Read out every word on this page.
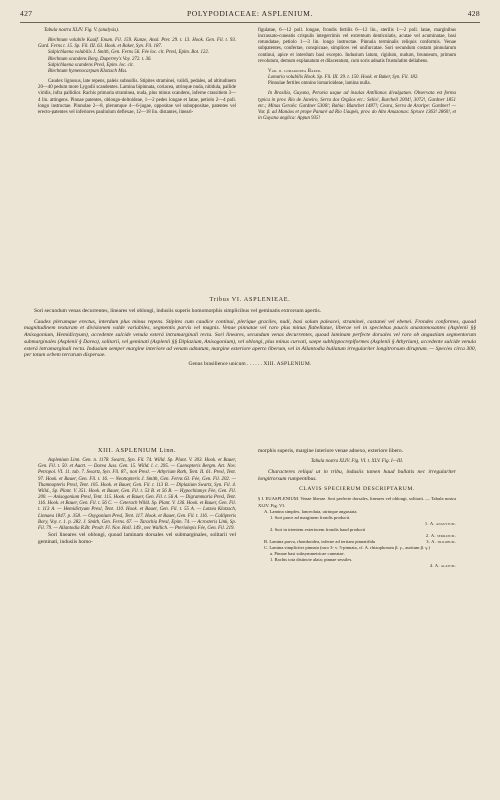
427	POLYPODIACEAE: ASPLENIUM.	428

Tabula nostra XLIV. Fig. V. (analysis).

Blechnum volubile Kaulf. Enum. Fil. 159. Kunze, Anal. Pter. 29. t. 13. Hook. Gen. Fil. t. 93. Gard. Ferns t. 15. Sp. Fil. III. 63. Hook. et Baker, Syn. Fil. 187.

Salpichlaena volubilis J. Smith, Gen. Ferns 56. Fée loc. cit. Presl, Epim. Bot. 122.

Blechnum scandens Borg, Duperrey's Voy. 272. t. 36.

Salpichlaena scandens Presl, Epim. loc. cit.

Blechnum hymenocarpum Klotzsch Mss.

Caudex lignosus, late repens, paleis subnullis. Stipites straminei, validi, pedales, ad altitudinem 20—40 pedum more Lygodii scandentes. Lamina bipinnata, coriacea, utrinque nuda, nitidula, pallide viridis, infra pallidior. Rachis primaria straminea, nuda, plus minus scandens, inferne crassitiem 3—4 lin. attingens. Pinnae patentes, oblongo-deltoideae, 1—2 pedes longae et latae, petiolo 2—4 poll. longo instructae. Pinnulae 2—8, plerumque 4—6-jugae, oppositae vel suboppositae, patentes vel erecto-patentes vel inferiores pauliulum deflexae, 12—18 lin. distantes, lineari-

figulatae, 6—12 poll. longae, frondis fertilis 6—12 lin., sterilis 1—2 poll. latae, marginibus incrassato-cuneatis crispulis integerrimis vel extremum denticulatis, acutae vel acuminatae, basi rotundatae, petiolo 1—3 lin. longo instructae. Pinnula terminalis reliquis conformis. Venae subpatentes, confertae, conspicuae, simplices vel unifurcatae. Sori secundum costam pinnularum continui, apice et interdum basi excepto. Indusium latum, rigidum, nudum, brunneum, primum revolutum, demum explanatum et dilaceratum, cum soris adnatis frustulatim deliabens.

Var. β. lomariodea Baker.

Lomaria volubilis Hook. Sp. Fil. III. 39. t. 150. Hook. et Baker, Syn. Fil. 182.

Pinnulae fertiles omnino lomarioideae, lamina nulla.

In Brasilia, Guyana, Peruvia usque ad insulas Antillanas divulgatum. Observata est forma typica in prov. Rio de Janeiro, Serra dos Orgãos etc.: Sello!, Burchell 2004!, 3072!, Gardner 1851 etc.; Minas Geraës: Gardner 5306!; Bahia: Blanchet 1487!; Ceara, Serra de Araripe: Gardner! — Var. β. ad Manáos et prope Panuré ad Rio Uaupés, prov. do Alto Amazonas: Spruce 1363! 2860!, et in Guyana anglica: Appun 935!

Tribus VI. ASPLENIEAE.

Sori secundum venas decurrentes, lineares vel oblongi, indusiis superis homomorphis simplicibus vel geminatis extrorsum apertis.

Caudex plerumque erectus, interdum plus minus repens. Stipites cum caudice continui, plerique graciles, nudi, basi solum paleacei, straminei, castanei vel ebenei. Frondes conformes, quoad magnitudinem texturam et divisionem valde variabiles, segmentis parvis vel magnis. Venae pinnatae vel raro plus minus flabellatae, liberae vel in speciebus paucis anastomosantes (Asplenii §§ Anisogonium, Hemidictyum), accedente sulcide venula exterá intramarginali recta. Sori lineares, secundum venas decurrentes, quoad laminam perfecte dorsales vel raro ob angustiam segmentorum submarginales (Asplenii § Darea), solitarii, vel geminati (Asplenii §§ Diplazium, Anisogonium), vel oblongi, plus minus curvati, saepe subhippocrepiformes (Asplenii § Athyrium), accedente sulcide venula exterá intramarginali recta. Indusium semper margine interiore ad venam adnatum, margine exteriore aperto liberum, vel in Allantodia bullatum irregulariter longitrorsum diruptum. — Species circa 300, per totum orbem terrarum dispersae.

Genus brasilience unicum . . . . . . XIII. ASPLENIUM.

XIII. ASPLENIUM Linn.

Asplenium Linn. Gen. n. 1178. Swartz, Syn. Fil. 74. Willd. Sp. Plant. V. 303. Hook. et Bauer, Gen. Fil. t. 50. et Auctt. — Darea Juss. Gen. 15. Willd. l. c. 295. — Caenopteris Bergm. Act. Nov. Petropol. VI. 11. tab. 7. Swartz, Syn. Fil. 87., non Presl. — Athyrium Roth, Tent. II. 61. Presl, Tent. 97. Hook. et Bauer, Gen. Fil. t. 16. — Neottopteris J. Smith, Gen. Ferns 63. Fée, Gen. Fil. 202. — Thamnopteris Presl, Tent. 105. Hook. et Bauer, Gen. Fil. t. 113 B. — Diplazium Swartz, Syn. Fil. 4. Willd., Sp. Plant. V. 351. Hook. et Bauer, Gen. Fil. t. 53 B. et 56 B. — Hypochlamys Fée, Gen. Fil. 200. — Anisogonium Presl, Tent. 115. Hook. et Bauer, Gen. Fil. t. 56 A. — Digrammaria Presl, Tent. 116. Hook. et Bauer, Gen. Fil. t. 56 C. — Ceterach Willd. Sp. Plant. V. 136. Hook. et Bauer, Gen. Fil. t. 113 A. — Hemidictyum Presl, Tent. 110. Hook. et Bauer, Gen. Fil. t. 55 A. — Lotzea Klotzsch, Linnaea 1847. p. 358. — Oxygonium Presl, Tent. 117. Hook. et Bauer, Gen. Fil. t. 116. — Callipteris Bory, Voy. t. 1. p. 282. J. Smith, Gen. Ferns. 67. — Tarachia Presl, Epim. 74. — Acrosteris Link, Sp. Fil. 79. — Allantodia R.Br. Prodr. Fl. Nov. Holl. 149., nec Wallich. — Pteriolepis Fée, Gen. Fil. 219.

Sori lineares vel oblongi, quoad laminam dorsales vel submarginales, solitarii vel geminati, indusiis homo-

morphis superis, margine interiore venae adnexo, exteriore libero.

Tabula nostra XLIV. Fig. VI. t. XLV. Fig. I—III.

Characteres reliqui ut in tribu, indusiis tamen haud bullatis nec irregulariter longitrorsum rumpentibus.

CLAVIS SPECIERUM DESCRIPTARUM.

§ I. EUASPLENIUM. Venae liberae. Sori perfecte dorsales, lineares vel oblongi, solitarii. — Tabula nostra XLIV. Fig. VI.
A. Lamina simplex, lanceolata, utrinque angustata.
1. Sori parce ad marginem frondis producti.
1. A. angustum.
2. Sori in trientem exteriorem frondis haud producti
2. A. serratum.
B. Lamina parva, rhomboidea, inferne ad tertiam pinnatifida	3. A. trilobum.
C. Lamina simpliciter pinnata (raro 3- v. 5-pinnata, cf. A. rhizophorum β. γ., auritum β. γ.)
a. Pinnae basi subsymmetricae cuneatae.
1. Rachis tota distincte alata; pinnae sessiles.
4. A. alatum.
